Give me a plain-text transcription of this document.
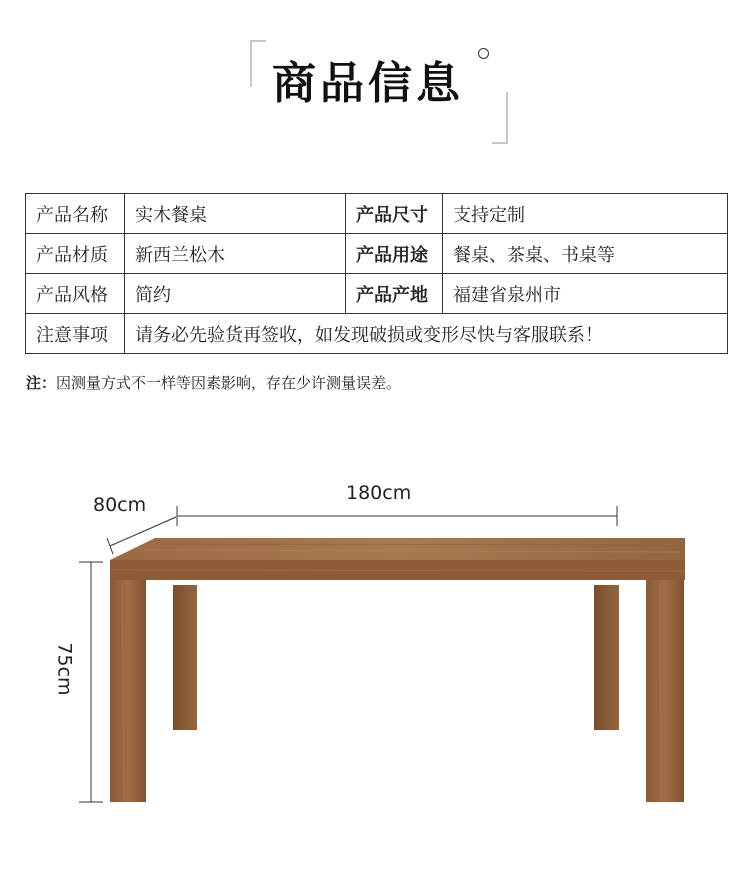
商品信息
产品名称	实木餐桌	产品尺寸	支持定制
产品材质	新西兰松木	产品用途	餐桌、茶桌、书桌等
产品风格	简约	产品产地	福建省泉州市
注意事项	请务必先验货再签收，如发现破损或变形尽快与客服联系！		
注：因测量方式不一样等因素影响，存在少许测量误差。
80cm
180cm
75cm
